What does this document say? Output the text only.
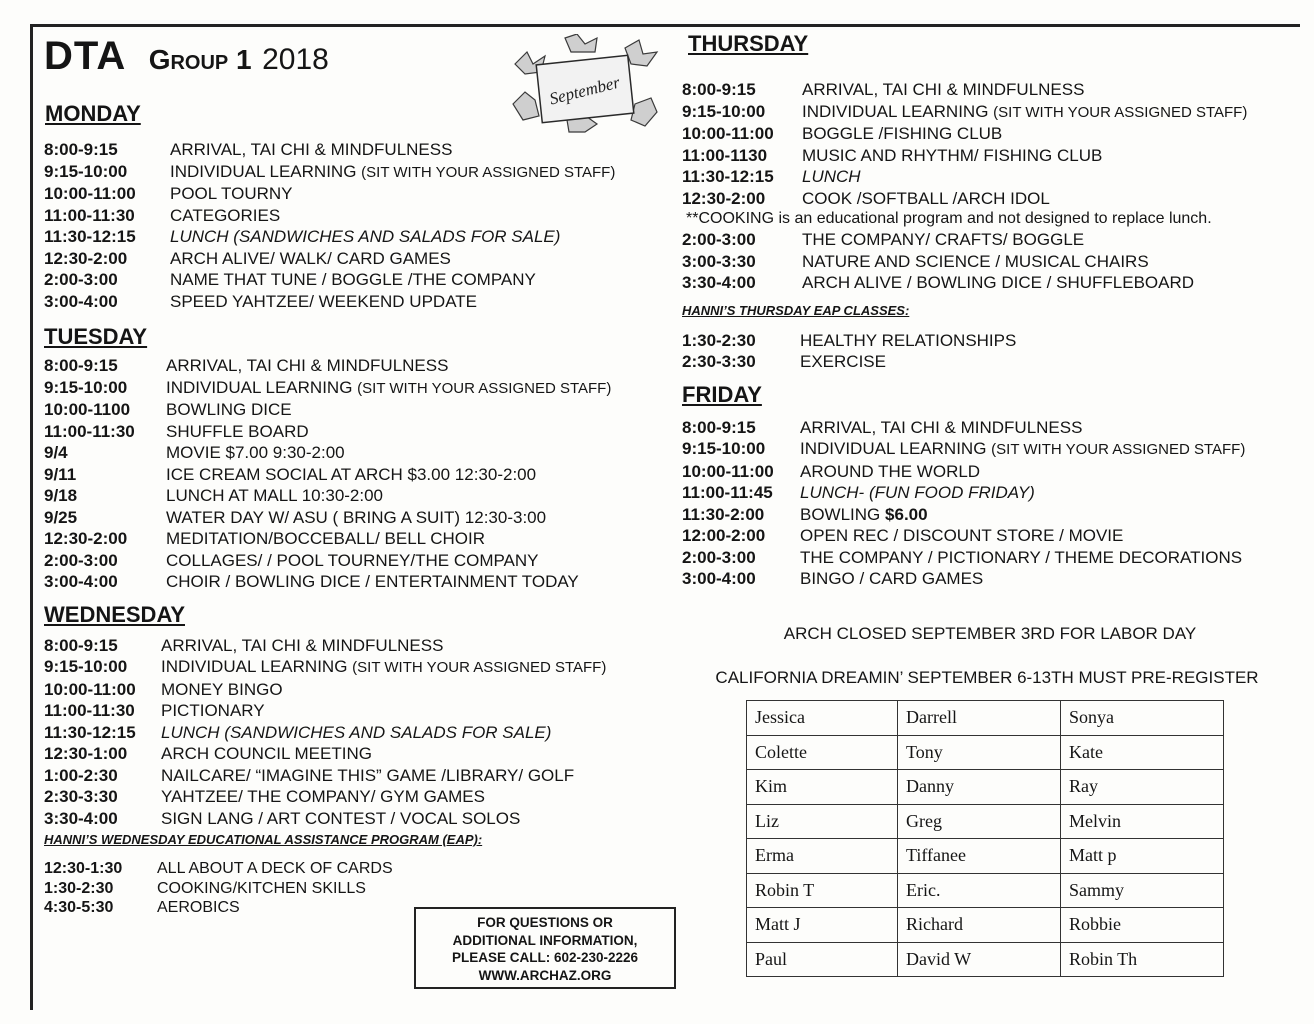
DTA Group 1 2018
September
MONDAY
8:00-9:15	ARRIVAL, TAI CHI & MINDFULNESS
9:15-10:00	INDIVIDUAL LEARNING (SIT WITH YOUR ASSIGNED STAFF)
10:00-11:00	POOL TOURNY
11:00-11:30	CATEGORIES
11:30-12:15	LUNCH (SANDWICHES AND SALADS FOR SALE)
12:30-2:00	ARCH ALIVE/ WALK/ CARD GAMES
2:00-3:00	NAME THAT TUNE / BOGGLE /THE COMPANY
3:00-4:00	SPEED YAHTZEE/ WEEKEND UPDATE
TUESDAY
8:00-9:15	ARRIVAL, TAI CHI & MINDFULNESS
9:15-10:00	INDIVIDUAL LEARNING (SIT WITH YOUR ASSIGNED STAFF)
10:00-1100	BOWLING DICE
11:00-11:30	SHUFFLE BOARD
9/4	MOVIE $7.00 9:30-2:00
9/11	ICE CREAM SOCIAL AT ARCH $3.00 12:30-2:00
9/18	LUNCH AT MALL 10:30-2:00
9/25	WATER DAY W/ ASU ( BRING A SUIT) 12:30-3:00
12:30-2:00	MEDITATION/BOCCEBALL/ BELL CHOIR
2:00-3:00	COLLAGES/ / POOL TOURNEY/THE COMPANY
3:00-4:00	CHOIR / BOWLING DICE / ENTERTAINMENT TODAY
WEDNESDAY
8:00-9:15	ARRIVAL, TAI CHI & MINDFULNESS
9:15-10:00	INDIVIDUAL LEARNING (SIT WITH YOUR ASSIGNED STAFF)
10:00-11:00	MONEY BINGO
11:00-11:30	PICTIONARY
11:30-12:15	LUNCH (SANDWICHES AND SALADS FOR SALE)
12:30-1:00	ARCH COUNCIL MEETING
1:00-2:30	NAILCARE/ “IMAGINE THIS” GAME /LIBRARY/ GOLF
2:30-3:30	YAHTZEE/ THE COMPANY/ GYM GAMES
3:30-4:00	SIGN LANG / ART CONTEST / VOCAL SOLOS
HANNI’S WEDNESDAY EDUCATIONAL ASSISTANCE PROGRAM (EAP):
12:30-1:30	ALL ABOUT A DECK OF CARDS
1:30-2:30	COOKING/KITCHEN SKILLS
4:30-5:30	AEROBICS
FOR QUESTIONS OR
ADDITIONAL INFORMATION,
PLEASE CALL: 602-230-2226
WWW.ARCHAZ.ORG
THURSDAY
8:00-9:15	ARRIVAL, TAI CHI & MINDFULNESS
9:15-10:00	INDIVIDUAL LEARNING (SIT WITH YOUR ASSIGNED STAFF)
10:00-11:00	BOGGLE /FISHING CLUB
11:00-1130	MUSIC AND RHYTHM/ FISHING CLUB
11:30-12:15	LUNCH
12:30-2:00	COOK /SOFTBALL /ARCH IDOL
**COOKING is an educational program and not designed to replace lunch.
2:00-3:00	THE COMPANY/ CRAFTS/ BOGGLE
3:00-3:30	NATURE AND SCIENCE / MUSICAL CHAIRS
3:30-4:00	ARCH ALIVE / BOWLING DICE / SHUFFLEBOARD
HANNI’S THURSDAY EAP CLASSES:
1:30-2:30	HEALTHY RELATIONSHIPS
2:30-3:30	EXERCISE
FRIDAY
8:00-9:15	ARRIVAL, TAI CHI & MINDFULNESS
9:15-10:00	INDIVIDUAL LEARNING (SIT WITH YOUR ASSIGNED STAFF)
10:00-11:00	AROUND THE WORLD
11:00-11:45	LUNCH- (FUN FOOD FRIDAY)
11:30-2:00	BOWLING $6.00
12:00-2:00	OPEN REC / DISCOUNT STORE / MOVIE
2:00-3:00	THE COMPANY / PICTIONARY / THEME DECORATIONS
3:00-4:00	BINGO / CARD GAMES
ARCH CLOSED SEPTEMBER 3RD FOR LABOR DAY
CALIFORNIA DREAMIN’ SEPTEMBER 6-13TH MUST PRE-REGISTER
Jessica	Darrell	Sonya
Colette	Tony	Kate
Kim	Danny	Ray
Liz	Greg	Melvin
Erma	Tiffanee	Matt p
Robin T	Eric.	Sammy
Matt J	Richard	Robbie
Paul	David W	Robin Th
